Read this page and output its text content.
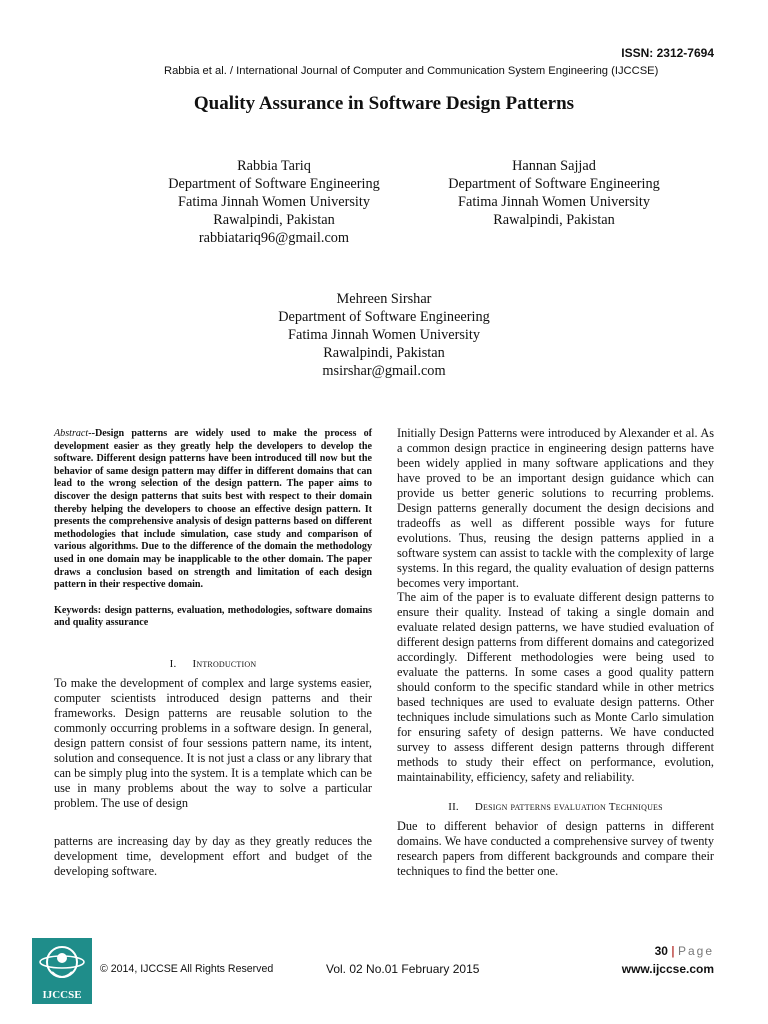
ISSN: 2312-7694
Rabbia et al. / International Journal of Computer and Communication System Engineering (IJCCSE)
Quality Assurance in Software Design Patterns
Rabbia Tariq
Department of Software Engineering
Fatima Jinnah Women University
Rawalpindi, Pakistan
rabbiatariq96@gmail.com
Hannan Sajjad
Department of Software Engineering
Fatima Jinnah Women University
Rawalpindi, Pakistan
Mehreen Sirshar
Department of Software Engineering
Fatima Jinnah Women University
Rawalpindi, Pakistan
msirshar@gmail.com

Abstract--Design patterns are widely used to make the process of development easier as they greatly help the developers to develop the software. Different design patterns have been introduced till now but the behavior of same design pattern may differ in different domains that can lead to the wrong selection of the design pattern. The paper aims to discover the design patterns that suits best with respect to their domain thereby helping the developers to choose an effective design pattern. It presents the comprehensive analysis of design patterns based on different methodologies that include simulation, case study and comparison of various algorithms. Due to the difference of the domain the methodology used in one domain may be inapplicable to the other domain. The paper draws a conclusion based on strength and limitation of each design pattern in their respective domain.

Keywords: design patterns, evaluation, methodologies, software domains and quality assurance

I. Introduction

To make the development of complex and large systems easier, computer scientists introduced design patterns and their frameworks. Design patterns are reusable solution to the commonly occurring problems in a software design. In general, design pattern consist of four sessions pattern name, its intent, solution and consequence. It is not just a class or any library that can be simply plug into the system. It is a template which can be use in many problems about the way to solve a particular problem. The use of design

patterns are increasing day by day as they greatly reduces the development time, development effort and budget of the developing software.

Initially Design Patterns were introduced by Alexander et al. As a common design practice in engineering design patterns have been widely applied in many software applications and they have proved to be an important design guidance which can provide us better generic solutions to recurring problems. Design patterns generally document the design decisions and tradeoffs as well as different possible ways for future evolutions. Thus, reusing the design patterns applied in a software system can assist to tackle with the complexity of large systems. In this regard, the quality evaluation of design patterns becomes very important.

The aim of the paper is to evaluate different design patterns to ensure their quality. Instead of taking a single domain and evaluate related design patterns, we have studied evaluation of different design patterns from different domains and categorized accordingly. Different methodologies were being used to evaluate the patterns. In some cases a good quality pattern should conform to the specific standard while in other metrics based techniques are used to evaluate design patterns. Other techniques include simulations such as Monte Carlo simulation for ensuring safety of design patterns. We have conducted survey to assess different design patterns through different methods to study their effect on performance, evolution, maintainability, efficiency, safety and reliability.

II. Design patterns evaluation Techniques

Due to different behavior of design patterns in different domains. We have conducted a comprehensive survey of twenty research papers from different backgrounds and compare their techniques to find the better one.

IJCCSE
© 2014, IJCCSE All Rights Reserved	Vol. 02 No.01 February 2015
30 | Page
www.ijccse.com
